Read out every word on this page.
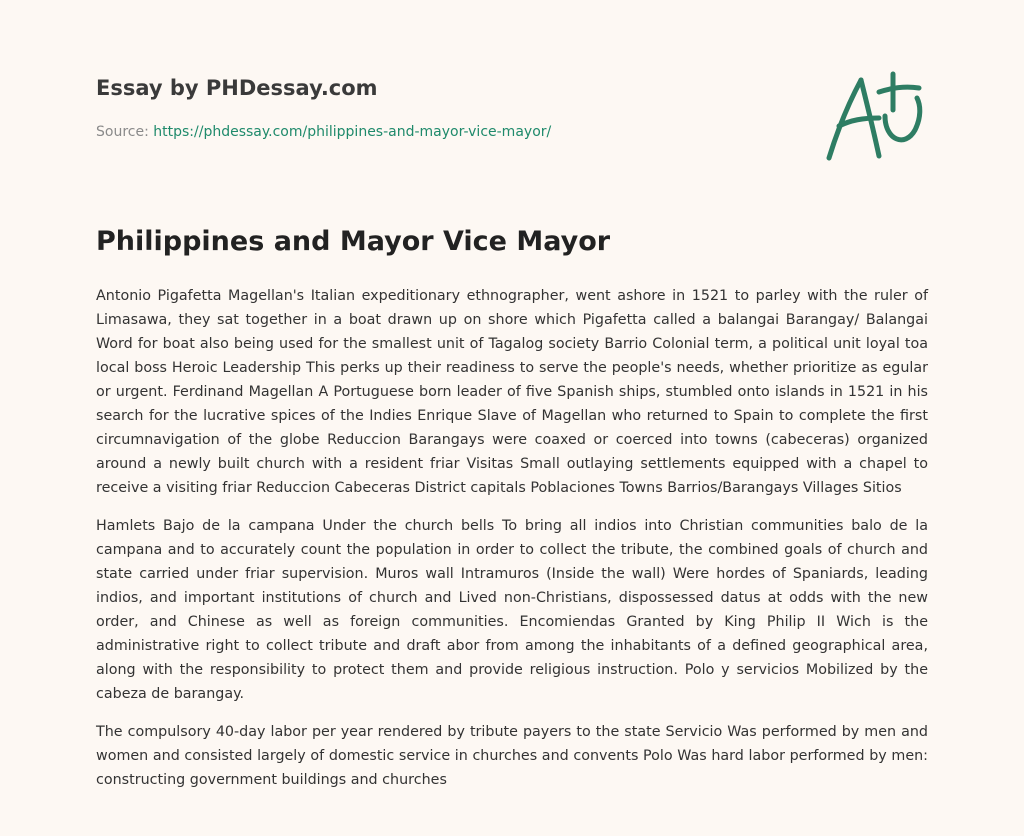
Essay by PHDessay.com
Source: https://phdessay.com/philippines-and-mayor-vice-mayor/
Philippines and Mayor Vice Mayor

Antonio Pigafetta Magellan's Italian expeditionary ethnographer, went ashore in 1521 to parley with the ruler of Limasawa, they sat together in a boat drawn up on shore which Pigafetta called a balangai Barangay/ Balangai Word for boat also being used for the smallest unit of Tagalog society Barrio Colonial term, a political unit loyal toa local boss Heroic Leadership This perks up their readiness to serve the people's needs, whether prioritize as egular or urgent. Ferdinand Magellan A Portuguese born leader of five Spanish ships, stumbled onto islands in 1521 in his search for the lucrative spices of the Indies Enrique Slave of Magellan who returned to Spain to complete the first circumnavigation of the globe Reduccion Barangays were coaxed or coerced into towns (cabeceras) organized around a newly built church with a resident friar Visitas Small outlaying settlements equipped with a chapel to receive a visiting friar Reduccion Cabeceras District capitals Poblaciones Towns Barrios/Barangays Villages Sitios

Hamlets Bajo de la campana Under the church bells To bring all indios into Christian communities balo de la campana and to accurately count the population in order to collect the tribute, the combined goals of church and state carried under friar supervision. Muros wall Intramuros (Inside the wall) Were hordes of Spaniards, leading indios, and important institutions of church and Lived non-Christians, dispossessed datus at odds with the new order, and Chinese as well as foreign communities. Encomiendas Granted by King Philip II Wich is the administrative right to collect tribute and draft abor from among the inhabitants of a defined geographical area, along with the responsibility to protect them and provide religious instruction. Polo y servicios Mobilized by the cabeza de barangay.

The compulsory 40-day labor per year rendered by tribute payers to the state Servicio Was performed by men and women and consisted largely of domestic service in churches and convents Polo Was hard labor performed by men: constructing government buildings and churches
